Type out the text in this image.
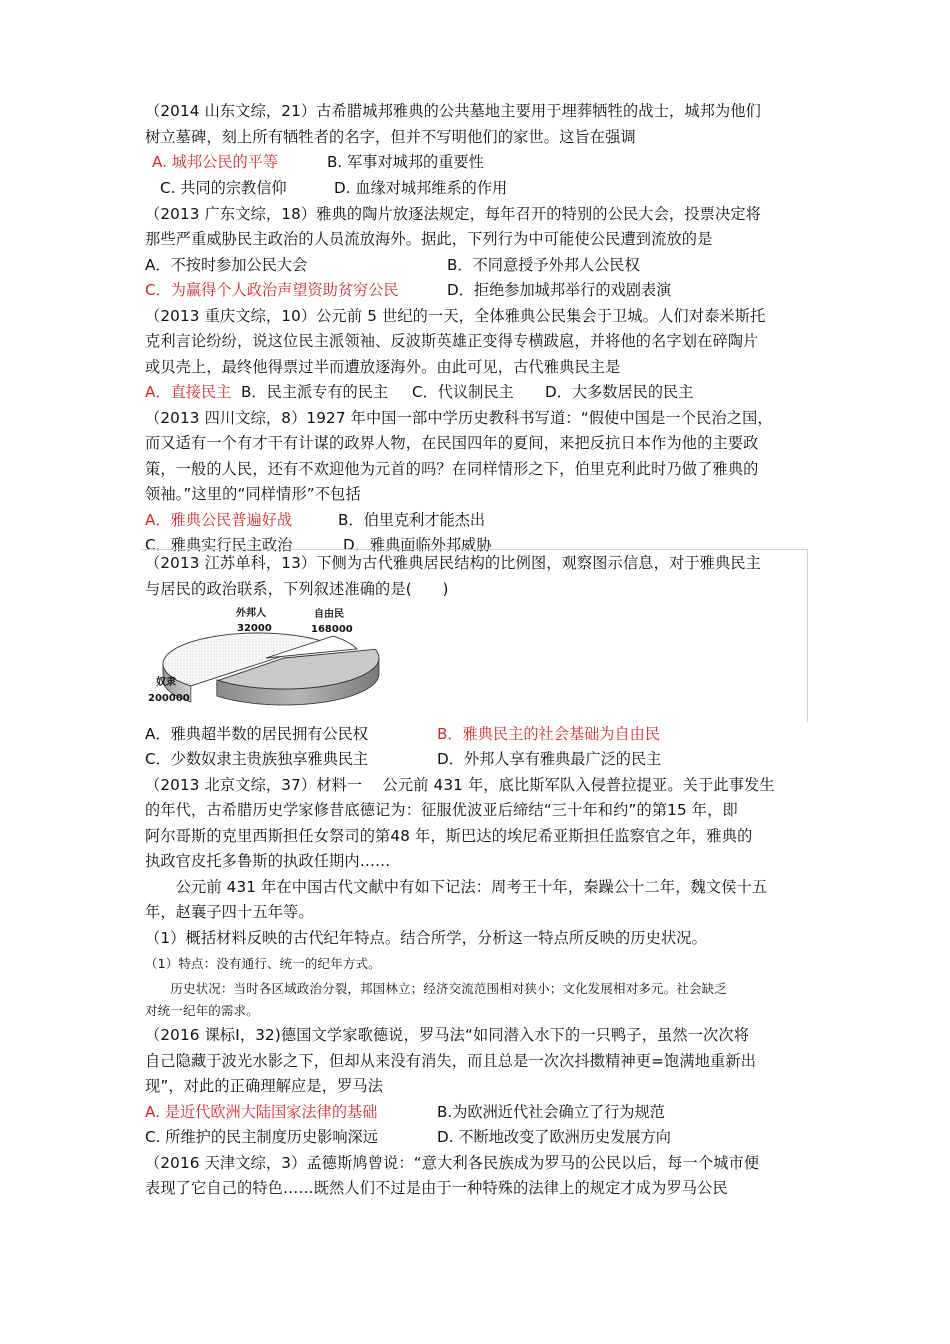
（2014 山东文综，21）古希腊城邦雅典的公共墓地主要用于埋葬牺牲的战士，城邦为他们
树立墓碑，刻上所有牺牲者的名字，但并不写明他们的家世。这旨在强调
A. 城邦公民的平等	B. 军事对城邦的重要性
C. 共同的宗教信仰	D. 血缘对城邦维系的作用
（2013 广东文综，18）雅典的陶片放逐法规定，每年召开的特别的公民大会，投票决定将
那些严重威胁民主政治的人员流放海外。据此，下列行为中可能使公民遭到流放的是
A．不按时参加公民大会	B．不同意授予外邦人公民权
C．为赢得个人政治声望资助贫穷公民	D．拒绝参加城邦举行的戏剧表演
（2013 重庆文综，10）公元前 5 世纪的一天，全体雅典公民集会于卫城。人们对泰米斯托
克利言论纷纷，说这位民主派领袖、反波斯英雄正变得专横跋扈，并将他的名字划在碎陶片
或贝壳上，最终他得票过半而遭放逐海外。由此可见，古代雅典民主是
A．直接民主 B．民主派专有的民主 C．代议制民主 D．大多数居民的民主
（2013 四川文综，8）1927 年中国一部中学历史教科书写道：“假使中国是一个民治之国，
而又适有一个有才干有计谋的政界人物，在民国四年的夏间，来把反抗日本作为他的主要政
策，一般的人民，还有不欢迎他为元首的吗？在同样情形之下，伯里克利此时乃做了雅典的
领袖。”这里的“同样情形”不包括
A．雅典公民普遍好战	B．伯里克利才能杰出
C．雅典实行民主政治	D．雅典面临外邦威胁
（2013 江苏单科，13）下侧为古代雅典居民结构的比例图，观察图示信息，对于雅典民主
与居民的政治联系，下列叙述准确的是(　　)
外邦人
32000
自由民
168000
奴隶
200000
A．雅典超半数的居民拥有公民权	B．雅典民主的社会基础为自由民
C．少数奴隶主贵族独享雅典民主	D．外邦人享有雅典最广泛的民主
（2013 北京文综，37）材料一　 公元前 431 年，底比斯军队入侵普拉提亚。关于此事发生
的年代，古希腊历史学家修昔底德记为：征服优波亚后缔结“三十年和约”的第15 年，即
阿尔哥斯的克里西斯担任女祭司的第48 年，斯巴达的埃尼希亚斯担任监察官之年，雅典的
执政官皮托多鲁斯的执政任期内……
　　公元前 431 年在中国古代文献中有如下记法：周考王十年，秦躁公十二年，魏文侯十五
年，赵襄子四十五年等。
（1）概括材料反映的古代纪年特点。结合所学，分析这一特点所反映的历史状况。
（1）特点：没有通行、统一的纪年方式。
　　历史状况：当时各区域政治分裂，邦国林立；经济交流范围相对狭小；文化发展相对多元。社会缺乏
对统一纪年的需求。
（2016 课标Ⅰ，32)德国文学家歌德说，罗马法“如同潜入水下的一只鸭子，虽然一次次将
自己隐藏于波光水影之下，但却从来没有消失，而且总是一次次抖擞精神更=饱满地重新出
现”，对此的正确理解应是，罗马法
A. 是近代欧洲大陆国家法律的基础	B.为欧洲近代社会确立了行为规范
C. 所维护的民主制度历史影响深远	D. 不断地改变了欧洲历史发展方向
（2016 天津文综，3）孟德斯鸠曾说：“意大利各民族成为罗马的公民以后，每一个城市便
表现了它自己的特色……既然人们不过是由于一种特殊的法律上的规定才成为罗马公民
